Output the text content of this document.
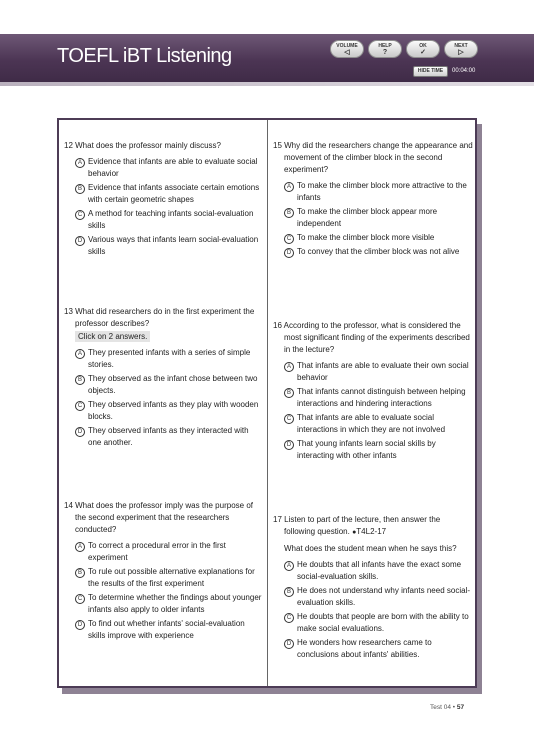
TOEFL iBT Listening	VOLUME
◁
HELP
?
OK
✓
NEXT
▷
HIDE TIME	00:04:00
12 What does the professor mainly discuss?
A Evidence that infants are able to evaluate social behavior
B Evidence that infants associate certain emotions with certain geometric shapes
C A method for teaching infants social-evaluation skills
D Various ways that infants learn social-evaluation skills
13 What did researchers do in the first experiment the professor describes?
Click on 2 answers.
A They presented infants with a series of simple stories.
B They observed as the infant chose between two objects.
C They observed infants as they play with wooden blocks.
D They observed infants as they interacted with one another.
14 What does the professor imply was the purpose of the second experiment that the researchers conducted?
A To correct a procedural error in the first experiment
B To rule out possible alternative explanations for the results of the first experiment
C To determine whether the findings about younger infants also apply to older infants
D To find out whether infants' social-evaluation skills improve with experience
15 Why did the researchers change the appearance and movement of the climber block in the second experiment?
A To make the climber block more attractive to the infants
B To make the climber block appear more independent
C To make the climber block more visible
D To convey that the climber block was not alive
16 According to the professor, what is considered the most significant finding of the experiments described in the lecture?
A That infants are able to evaluate their own social behavior
B That infants cannot distinguish between helping interactions and hindering interactions
C That infants are able to evaluate social interactions in which they are not involved
D That young infants learn social skills by interacting with other infants
17 Listen to part of the lecture, then answer the following question. ●T4L2-17
What does the student mean when he says this?
A He doubts that all infants have the exact some social-evaluation skills.
B He does not understand why infants need social-evaluation skills.
C He doubts that people are born with the ability to make social evaluations.
D He wonders how researchers came to conclusions about infants' abilities.
Test 04 • 57
